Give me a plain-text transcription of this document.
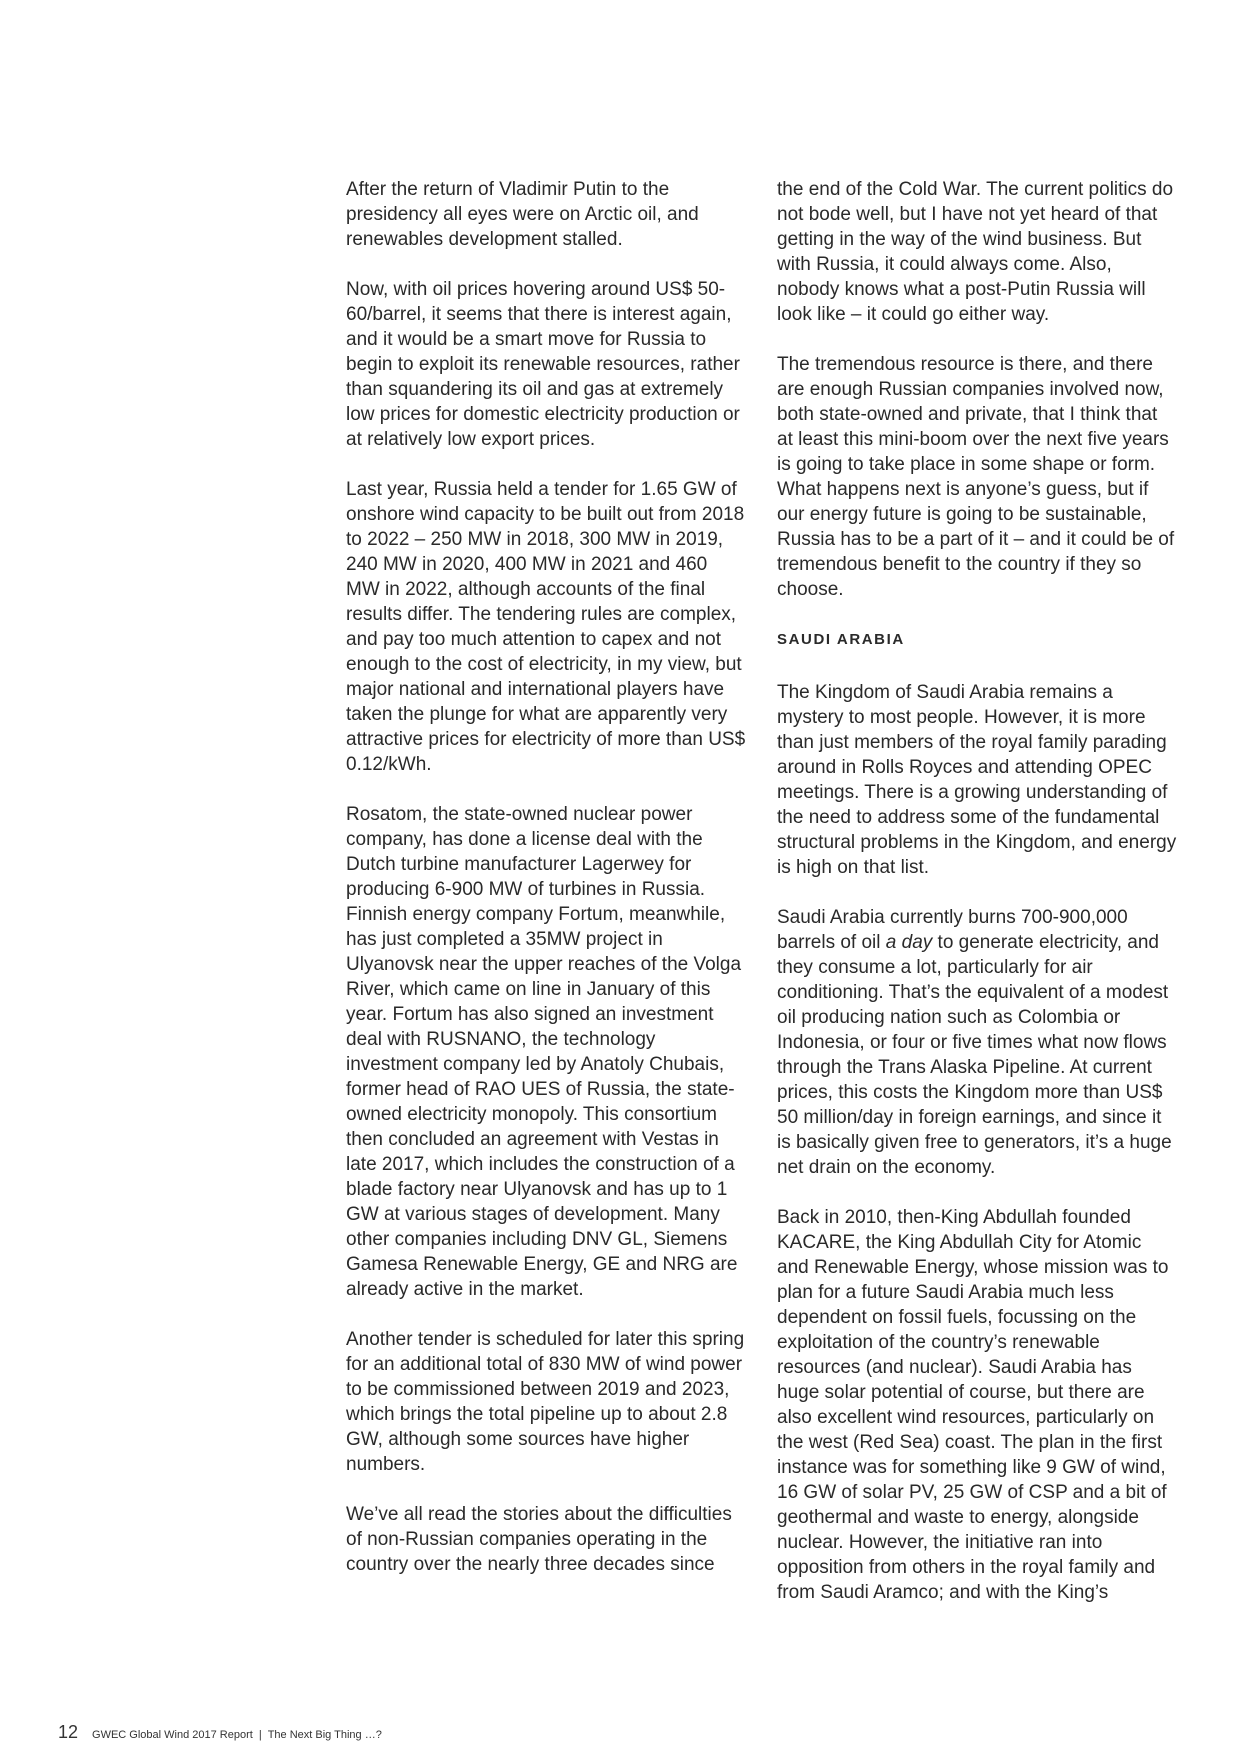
After the return of Vladimir Putin to the presidency all eyes were on Arctic oil, and renewables development stalled.

Now, with oil prices hovering around US$ 50-60/barrel, it seems that there is interest again, and it would be a smart move for Russia to begin to exploit its renewable resources, rather than squandering its oil and gas at extremely low prices for domestic electricity production or at relatively low export prices.

Last year, Russia held a tender for 1.65 GW of onshore wind capacity to be built out from 2018 to 2022 – 250 MW in 2018, 300 MW in 2019, 240 MW in 2020, 400 MW in 2021 and 460 MW in 2022, although accounts of the final results differ. The tendering rules are complex, and pay too much attention to capex and not enough to the cost of electricity, in my view, but major national and international players have taken the plunge for what are apparently very attractive prices for electricity of more than US$ 0.12/kWh.

Rosatom, the state-owned nuclear power company, has done a license deal with the Dutch turbine manufacturer Lagerwey for producing 6-900 MW of turbines in Russia. Finnish energy company Fortum, meanwhile, has just completed a 35MW project in Ulyanovsk near the upper reaches of the Volga River, which came on line in January of this year. Fortum has also signed an investment deal with RUSNANO, the technology investment company led by Anatoly Chubais, former head of RAO UES of Russia, the state-owned electricity monopoly. This consortium then concluded an agreement with Vestas in late 2017, which includes the construction of a blade factory near Ulyanovsk and has up to 1 GW at various stages of development. Many other companies including DNV GL, Siemens Gamesa Renewable Energy, GE and NRG are already active in the market.

Another tender is scheduled for later this spring for an additional total of 830 MW of wind power to be commissioned between 2019 and 2023, which brings the total pipeline up to about 2.8 GW, although some sources have higher numbers.

We’ve all read the stories about the difficulties of non-Russian companies operating in the country over the nearly three decades since

the end of the Cold War. The current politics do not bode well, but I have not yet heard of that getting in the way of the wind business. But with Russia, it could always come. Also, nobody knows what a post-Putin Russia will look like – it could go either way.

The tremendous resource is there, and there are enough Russian companies involved now, both state-owned and private, that I think that at least this mini-boom over the next five years is going to take place in some shape or form. What happens next is anyone’s guess, but if our energy future is going to be sustainable, Russia has to be a part of it – and it could be of tremendous benefit to the country if they so choose.

SAUDI ARABIA

The Kingdom of Saudi Arabia remains a mystery to most people. However, it is more than just members of the royal family parading around in Rolls Royces and attending OPEC meetings. There is a growing understanding of the need to address some of the fundamental structural problems in the Kingdom, and energy is high on that list.

Saudi Arabia currently burns 700-900,000 barrels of oil a day to generate electricity, and they consume a lot, particularly for air conditioning. That’s the equivalent of a modest oil producing nation such as Colombia or Indonesia, or four or five times what now flows through the Trans Alaska Pipeline. At current prices, this costs the Kingdom more than US$ 50 million/day in foreign earnings, and since it is basically given free to generators, it’s a huge net drain on the economy.

Back in 2010, then-King Abdullah founded KACARE, the King Abdullah City for Atomic and Renewable Energy, whose mission was to plan for a future Saudi Arabia much less dependent on fossil fuels, focussing on the exploitation of the country’s renewable resources (and nuclear). Saudi Arabia has huge solar potential of course, but there are also excellent wind resources, particularly on the west (Red Sea) coast. The plan in the first instance was for something like 9 GW of wind, 16 GW of solar PV, 25 GW of CSP and a bit of geothermal and waste to energy, alongside nuclear. However, the initiative ran into opposition from others in the royal family and from Saudi Aramco; and with the King’s

12 GWEC Global Wind 2017 Report | The Next Big Thing …?
